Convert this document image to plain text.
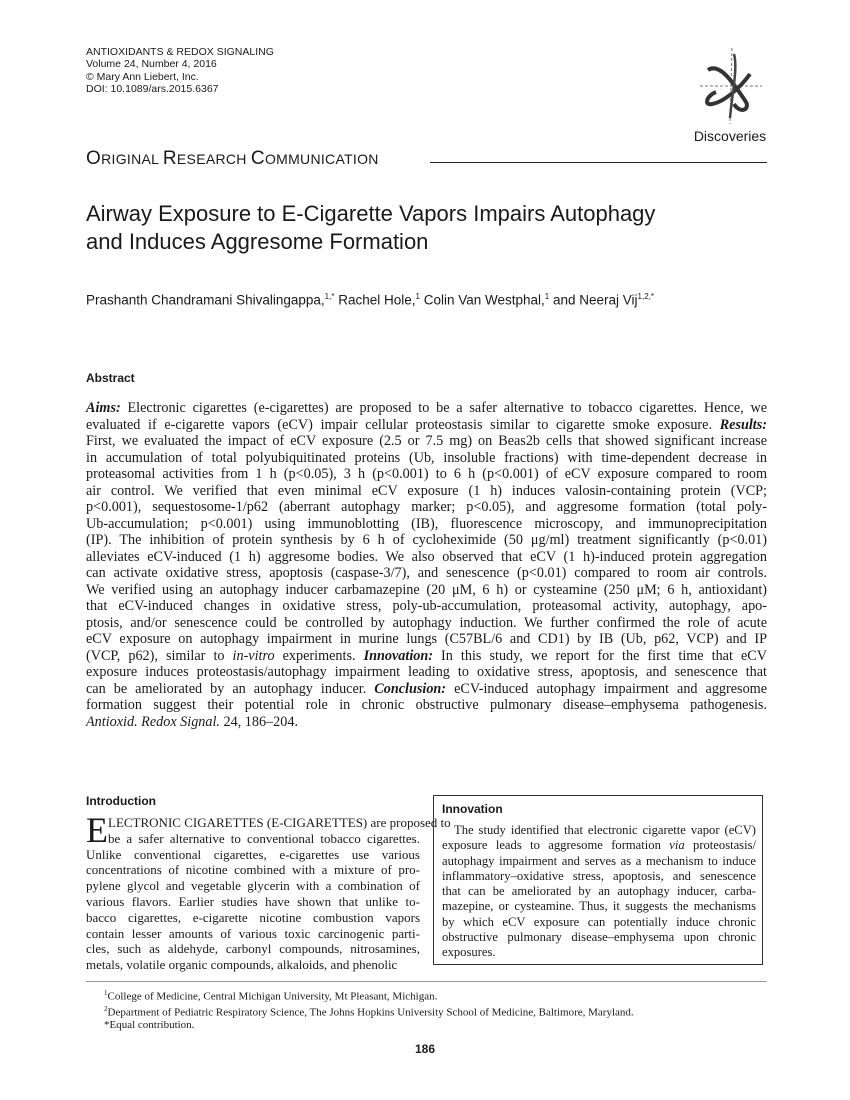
ANTIOXIDANTS & REDOX SIGNALING
Volume 24, Number 4, 2016
© Mary Ann Liebert, Inc.
DOI: 10.1089/ars.2015.6367
Discoveries
ORIGINAL RESEARCH COMMUNICATION
Airway Exposure to E-Cigarette Vapors Impairs Autophagy
and Induces Aggresome Formation
Prashanth Chandramani Shivalingappa,$^{1,*}$ Rachel Hole,$^1$ Colin Van Westphal,$^1$ and Neeraj Vij$^{1,2,*}$
Abstract
Aims: Electronic cigarettes (e-cigarettes) are proposed to be a safer alternative to tobacco cigarettes. Hence, we
evaluated if e-cigarette vapors (eCV) impair cellular proteostasis similar to cigarette smoke exposure. Results:
First, we evaluated the impact of eCV exposure (2.5 or 7.5 mg) on Beas2b cells that showed significant increase
in accumulation of total polyubiquitinated proteins (Ub, insoluble fractions) with time-dependent decrease in
proteasomal activities from 1 h (p<0.05), 3 h (p<0.001) to 6 h (p<0.001) of eCV exposure compared to room
air control. We verified that even minimal eCV exposure (1 h) induces valosin-containing protein (VCP;
p<0.001), sequestosome-1/p62 (aberrant autophagy marker; p<0.05), and aggresome formation (total poly-
Ub-accumulation; p<0.001) using immunoblotting (IB), fluorescence microscopy, and immunoprecipitation
(IP). The inhibition of protein synthesis by 6 h of cycloheximide (50 μg/ml) treatment significantly (p<0.01)
alleviates eCV-induced (1 h) aggresome bodies. We also observed that eCV (1 h)-induced protein aggregation
can activate oxidative stress, apoptosis (caspase-3/7), and senescence (p<0.01) compared to room air controls.
We verified using an autophagy inducer carbamazepine (20 μM, 6 h) or cysteamine (250 μM; 6 h, antioxidant)
that eCV-induced changes in oxidative stress, poly-ub-accumulation, proteasomal activity, autophagy, apo-
ptosis, and/or senescence could be controlled by autophagy induction. We further confirmed the role of acute
eCV exposure on autophagy impairment in murine lungs (C57BL/6 and CD1) by IB (Ub, p62, VCP) and IP
(VCP, p62), similar to in-vitro experiments. Innovation: In this study, we report for the first time that eCV
exposure induces proteostasis/autophagy impairment leading to oxidative stress, apoptosis, and senescence that
can be ameliorated by an autophagy inducer. Conclusion: eCV-induced autophagy impairment and aggresome
formation suggest their potential role in chronic obstructive pulmonary disease–emphysema pathogenesis.
Antioxid. Redox Signal. 24, 186–204.
Introduction
E LECTRONIC CIGARETTES (E-CIGARETTES) are proposed to
be a safer alternative to conventional tobacco cigarettes.
Unlike conventional cigarettes, e-cigarettes use various
concentrations of nicotine combined with a mixture of pro-
pylene glycol and vegetable glycerin with a combination of
various flavors. Earlier studies have shown that unlike to-
bacco cigarettes, e-cigarette nicotine combustion vapors
contain lesser amounts of various toxic carcinogenic parti-
cles, such as aldehyde, carbonyl compounds, nitrosamines,
metals, volatile organic compounds, alkaloids, and phenolic
Innovation
The study identified that electronic cigarette vapor (eCV)
exposure leads to aggresome formation via proteostasis/
autophagy impairment and serves as a mechanism to induce
inflammatory–oxidative stress, apoptosis, and senescence
that can be ameliorated by an autophagy inducer, carba-
mazepine, or cysteamine. Thus, it suggests the mechanisms
by which eCV exposure can potentially induce chronic
obstructive pulmonary disease–emphysema upon chronic
exposures.
$^1$College of Medicine, Central Michigan University, Mt Pleasant, Michigan.
$^2$Department of Pediatric Respiratory Science, The Johns Hopkins University School of Medicine, Baltimore, Maryland.
*Equal contribution.
186
